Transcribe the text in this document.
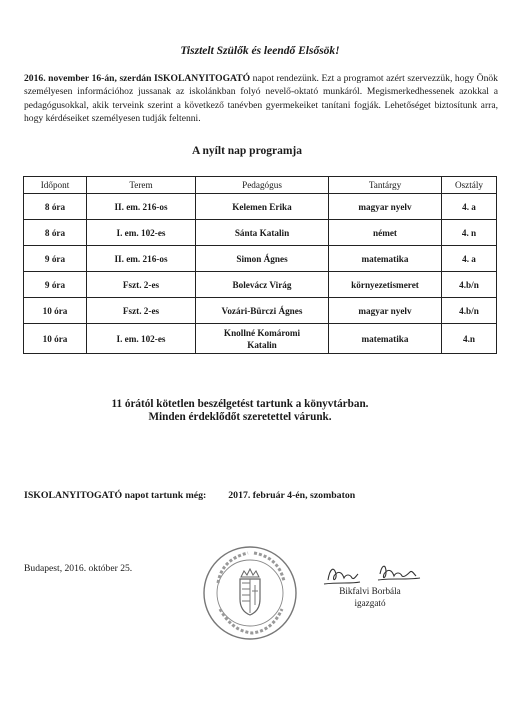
Tisztelt Szülők és leendő Elsősök!

2016. november 16-án, szerdán ISKOLANYITOGATÓ napot rendezünk. Ezt a programot azért szervezzük, hogy Önök személyesen információhoz jussanak az iskolánkban folyó nevelő-oktató munkáról. Megismerkedhessenek azokkal a pedagógusokkal, akik terveink szerint a következő tanévben gyermekeiket tanítani fogják. Lehetőséget biztosítunk arra, hogy kérdéseiket személyesen tudják feltenni.

A nyílt nap programja
Időpont	Terem	Pedagógus	Tantárgy	Osztály
8 óra	II. em. 216-os	Kelemen Erika	magyar nyelv	4. a
8 óra	I. em. 102-es	Sánta Katalin	német	4. n
9 óra	II. em. 216-os	Simon Ágnes	matematika	4. a
9 óra	Fszt. 2-es	Bolevácz Virág	környezetismeret	4.b/n
10 óra	Fszt. 2-es	Vozári-Bürczi Ágnes	magyar nyelv	4.b/n
10 óra	I. em. 102-es	Knollné Komáromi Katalin	matematika	4.n
11 órától kötetlen beszélgetést tartunk a könyvtárban.
Minden érdeklődőt szeretettel várunk.
ISKOLANYITOGATÓ napot tartunk még: 2017. február 4-én, szombaton
Budapest, 2016. október 25.
Bikfalvi Borbála
igazgató
